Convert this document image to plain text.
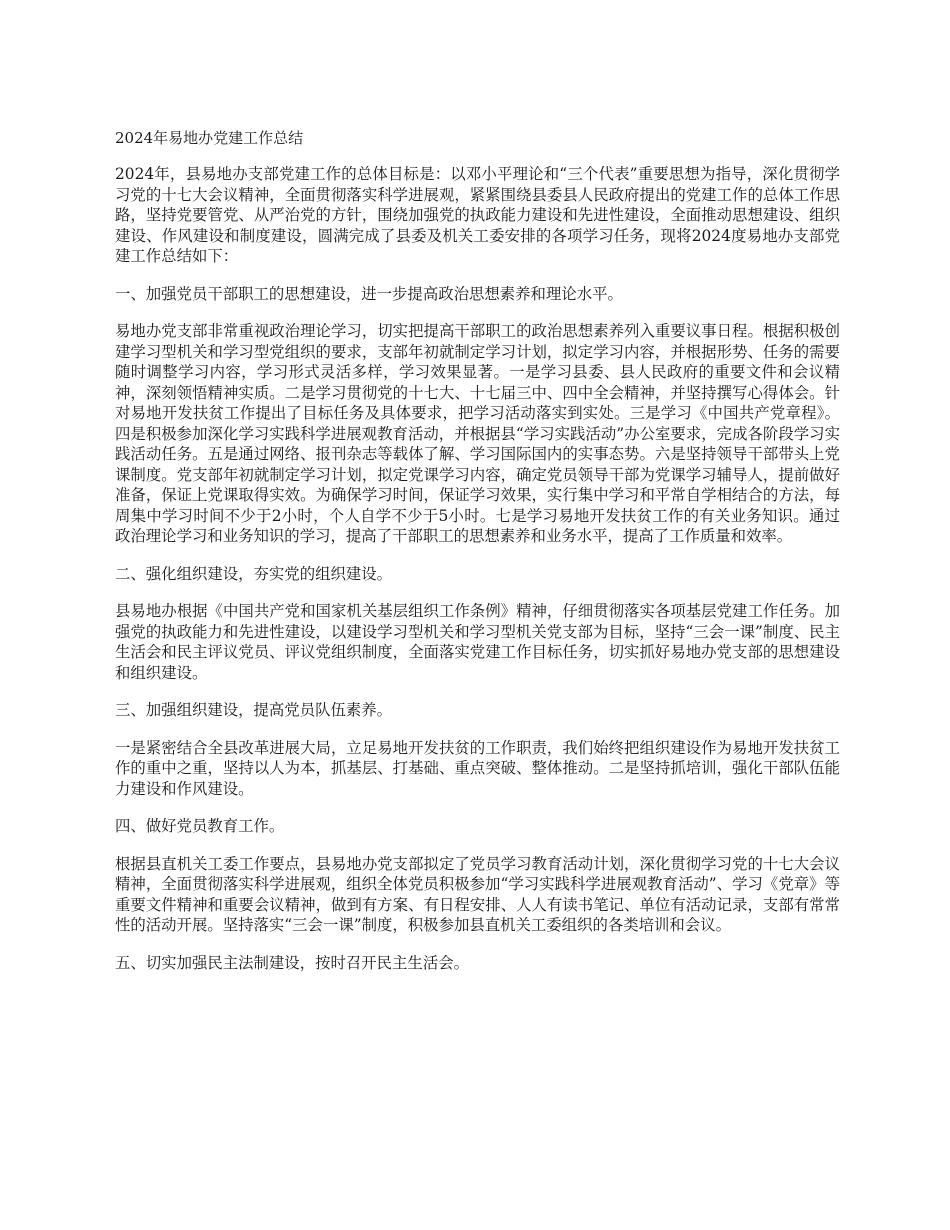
2024年易地办党建工作总结

2024年，县易地办支部党建工作的总体目标是：以邓小平理论和“三个代表”重要思想为指导，深化贯彻学习党的十七大会议精神，全面贯彻落实科学进展观，紧紧围绕县委县人民政府提出的党建工作的总体工作思路，坚持党要管党、从严治党的方针，围绕加强党的执政能力建设和先进性建设，全面推动思想建设、组织建设、作风建设和制度建设，圆满完成了县委及机关工委安排的各项学习任务，现将2024度易地办支部党建工作总结如下：

一、加强党员干部职工的思想建设，进一步提高政治思想素养和理论水平。

易地办党支部非常重视政治理论学习，切实把提高干部职工的政治思想素养列入重要议事日程。根据积极创建学习型机关和学习型党组织的要求，支部年初就制定学习计划，拟定学习内容，并根据形势、任务的需要随时调整学习内容，学习形式灵活多样，学习效果显著。一是学习县委、县人民政府的重要文件和会议精神，深刻领悟精神实质。二是学习贯彻党的十七大、十七届三中、四中全会精神，并坚持撰写心得体会。针对易地开发扶贫工作提出了目标任务及具体要求，把学习活动落实到实处。三是学习《中国共产党章程》。四是积极参加深化学习实践科学进展观教育活动，并根据县“学习实践活动”办公室要求，完成各阶段学习实践活动任务。五是通过网络、报刊杂志等载体了解、学习国际国内的实事态势。六是坚持领导干部带头上党课制度。党支部年初就制定学习计划，拟定党课学习内容，确定党员领导干部为党课学习辅导人，提前做好准备，保证上党课取得实效。为确保学习时间，保证学习效果，实行集中学习和平常自学相结合的方法，每周集中学习时间不少于2小时，个人自学不少于5小时。七是学习易地开发扶贫工作的有关业务知识。通过政治理论学习和业务知识的学习，提高了干部职工的思想素养和业务水平，提高了工作质量和效率。

二、强化组织建设，夯实党的组织建设。

县易地办根据《中国共产党和国家机关基层组织工作条例》精神，仔细贯彻落实各项基层党建工作任务。加强党的执政能力和先进性建设，以建设学习型机关和学习型机关党支部为目标，坚持“三会一课”制度、民主生活会和民主评议党员、评议党组织制度，全面落实党建工作目标任务，切实抓好易地办党支部的思想建设和组织建设。

三、加强组织建设，提高党员队伍素养。

一是紧密结合全县改革进展大局，立足易地开发扶贫的工作职责，我们始终把组织建设作为易地开发扶贫工作的重中之重，坚持以人为本，抓基层、打基础、重点突破、整体推动。二是坚持抓培训，强化干部队伍能力建设和作风建设。

四、做好党员教育工作。

根据县直机关工委工作要点，县易地办党支部拟定了党员学习教育活动计划，深化贯彻学习党的十七大会议精神，全面贯彻落实科学进展观，组织全体党员积极参加“学习实践科学进展观教育活动”、学习《党章》等重要文件精神和重要会议精神，做到有方案、有日程安排、人人有读书笔记、单位有活动记录，支部有常常性的活动开展。坚持落实“三会一课”制度，积极参加县直机关工委组织的各类培训和会议。

五、切实加强民主法制建设，按时召开民主生活会。
